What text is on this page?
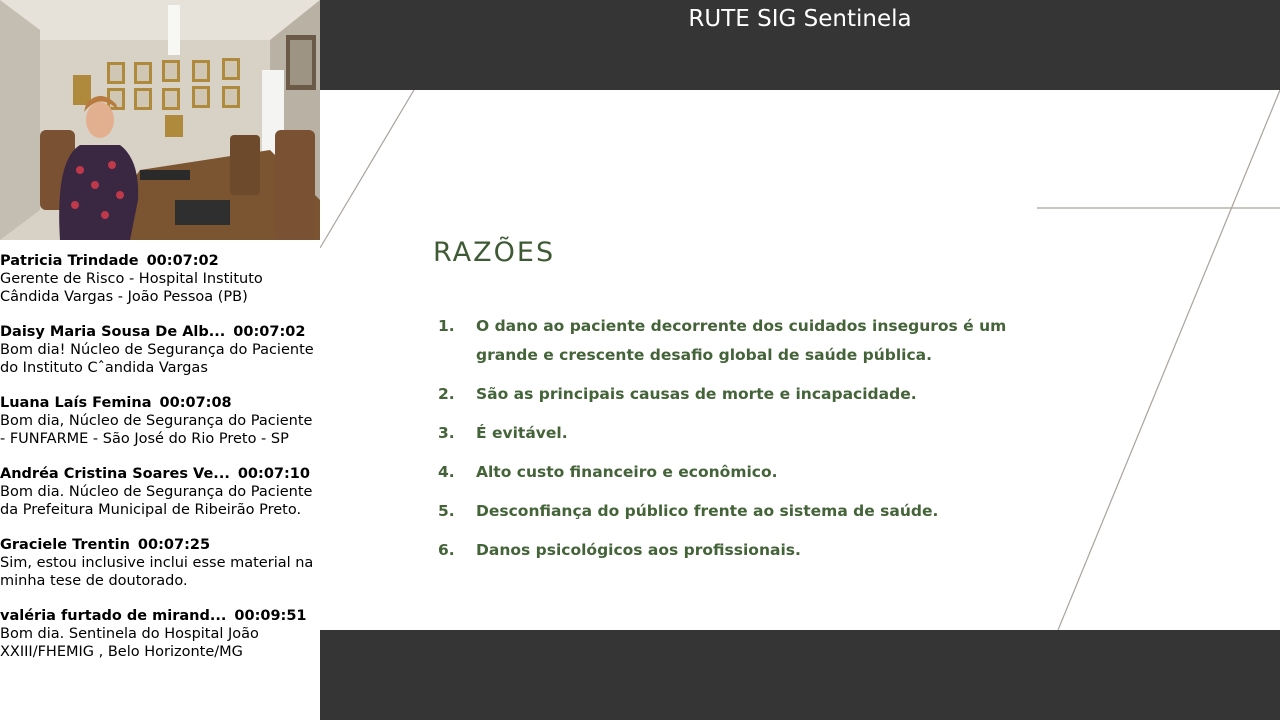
Patricia Trindade 00:07:02
Gerente de Risco - Hospital Instituto Cândida Vargas - João Pessoa (PB)
Daisy Maria Sousa De Alb... 00:07:02
Bom dia! Núcleo de Segurança do Paciente do Instituto Cˆandida Vargas
Luana Laís Femina 00:07:08
Bom dia, Núcleo de Segurança do Paciente - FUNFARME - São José do Rio Preto - SP
Andréa Cristina Soares Ve... 00:07:10
Bom dia. Núcleo de Segurança do Paciente da Prefeitura Municipal de Ribeirão Preto.
Graciele Trentin 00:07:25
Sim, estou inclusive inclui esse material na minha tese de doutorado.
valéria furtado de mirand... 00:09:51
Bom dia. Sentinela do Hospital João XXIII/FHEMIG , Belo Horizonte/MG
RUTE SIG Sentinela
RAZÕES
1.	O dano ao paciente decorrente dos cuidados inseguros é um grande e crescente desafio global de saúde pública.
2.	São as principais causas de morte e incapacidade.
3.	É evitável.
4.	Alto custo financeiro e econômico.
5.	Desconfiança do público frente ao sistema de saúde.
6.	Danos psicológicos aos profissionais.
